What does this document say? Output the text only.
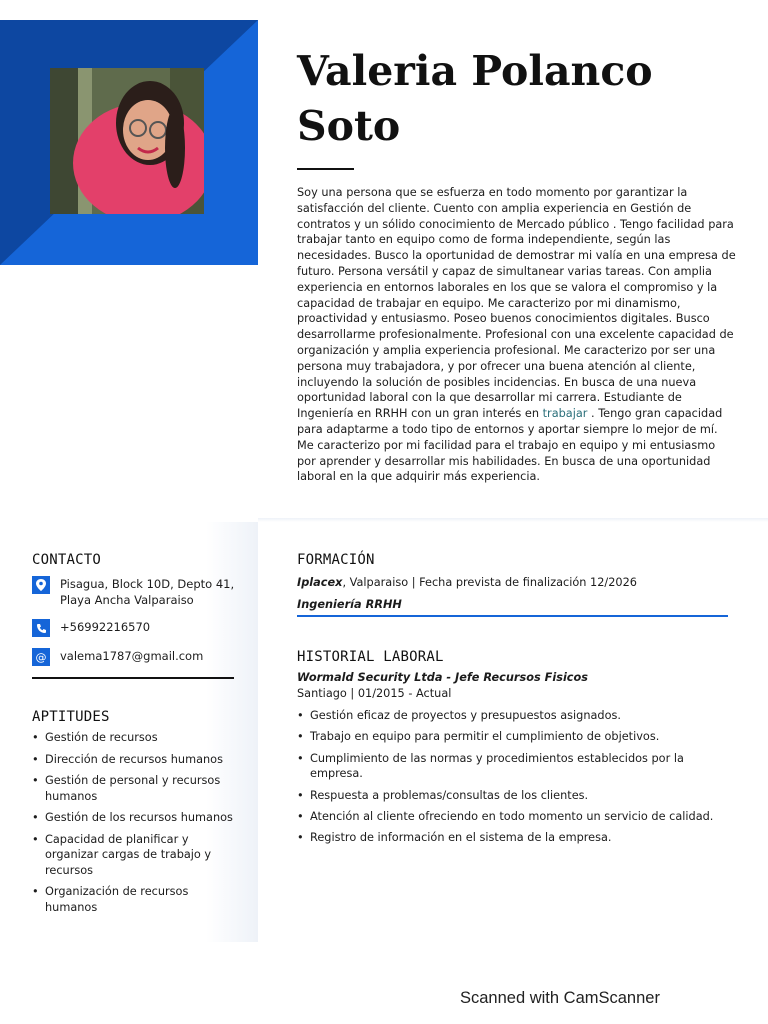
Valeria Polanco
Soto

Soy una persona que se esfuerza en todo momento por garantizar la satisfacción del cliente. Cuento con amplia experiencia en Gestión de contratos y un sólido conocimiento de Mercado público . Tengo facilidad para trabajar tanto en equipo como de forma independiente, según las necesidades. Busco la oportunidad de demostrar mi valía en una empresa de futuro. Persona versátil y capaz de simultanear varias tareas. Con amplia experiencia en entornos laborales en los que se valora el compromiso y la capacidad de trabajar en equipo. Me caracterizo por mi dinamismo, proactividad y entusiasmo. Poseo buenos conocimientos digitales. Busco desarrollarme profesionalmente. Profesional con una excelente capacidad de organización y amplia experiencia profesional. Me caracterizo por ser una persona muy trabajadora, y por ofrecer una buena atención al cliente, incluyendo la solución de posibles incidencias. En busca de una nueva oportunidad laboral con la que desarrollar mi carrera. Estudiante de Ingeniería en RRHH con un gran interés en trabajar . Tengo gran capacidad para adaptarme a todo tipo de entornos y aportar siempre lo mejor de mí. Me caracterizo por mi facilidad para el trabajo en equipo y mi entusiasmo por aprender y desarrollar mis habilidades. En busca de una oportunidad laboral en la que adquirir más experiencia.

CONTACTO
Pisagua, Block 10D, Depto 41,
Playa Ancha Valparaiso
+56992216570
@	valema1787@gmail.com
APTITUDES
• Gestión de recursos
• Dirección de recursos humanos
• Gestión de personal y recursos humanos
• Gestión de los recursos humanos
• Capacidad de planificar y organizar cargas de trabajo y recursos
• Organización de recursos humanos
FORMACIÓN
Iplacex, Valparaiso | Fecha prevista de finalización 12/2026
Ingeniería RRHH
HISTORIAL LABORAL
Wormald Security Ltda - Jefe Recursos Fisicos
Santiago | 01/2015 - Actual
• Gestión eficaz de proyectos y presupuestos asignados.
• Trabajo en equipo para permitir el cumplimiento de objetivos.
• Cumplimiento de las normas y procedimientos establecidos por la empresa.
• Respuesta a problemas/consultas de los clientes.
• Atención al cliente ofreciendo en todo momento un servicio de calidad.
• Registro de información en el sistema de la empresa.
Scanned with CamScanner
